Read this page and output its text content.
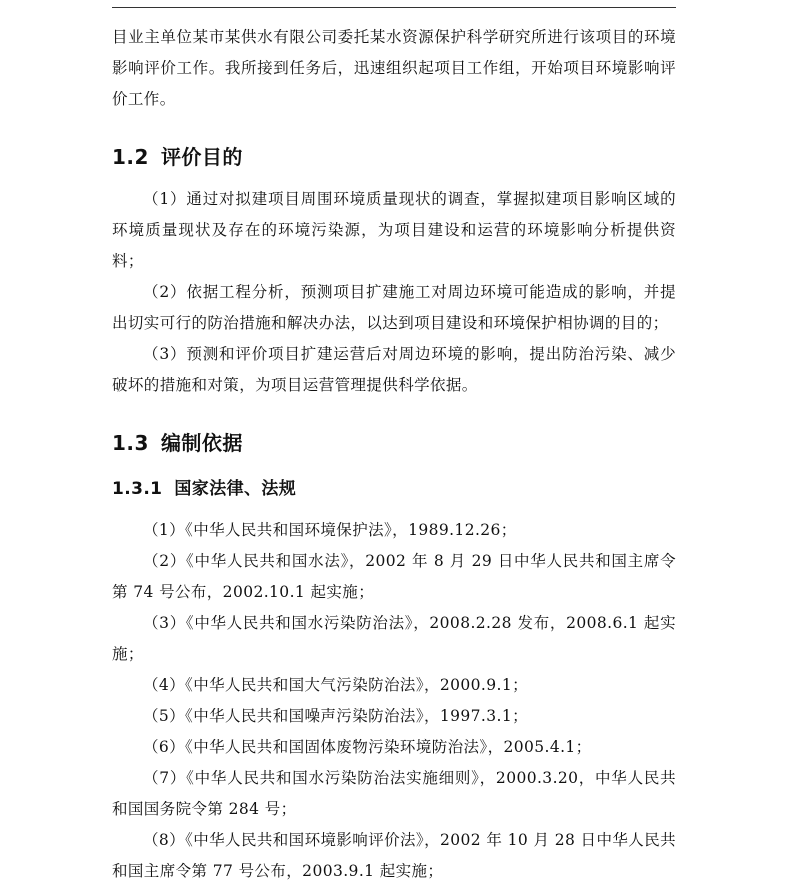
目业主单位某市某供水有限公司委托某水资源保护科学研究所进行该项目的环境影响评价工作。我所接到任务后，迅速组织起项目工作组，开始项目环境影响评价工作。

1.2 评价目的

（1）通过对拟建项目周围环境质量现状的调查，掌握拟建项目影响区域的环境质量现状及存在的环境污染源，为项目建设和运营的环境影响分析提供资料；

（2）依据工程分析，预测项目扩建施工对周边环境可能造成的影响，并提出切实可行的防治措施和解决办法，以达到项目建设和环境保护相协调的目的；

（3）预测和评价项目扩建运营后对周边环境的影响，提出防治污染、减少破坏的措施和对策，为项目运营管理提供科学依据。

1.3 编制依据
1.3.1 国家法律、法规

（1）《中华人民共和国环境保护法》，1989.12.26；

（2）《中华人民共和国水法》，2002 年 8 月 29 日中华人民共和国主席令第 74 号公布，2002.10.1 起实施；

（3）《中华人民共和国水污染防治法》，2008.2.28 发布，2008.6.1 起实施；

（4）《中华人民共和国大气污染防治法》，2000.9.1；

（5）《中华人民共和国噪声污染防治法》，1997.3.1；

（6）《中华人民共和国固体废物污染环境防治法》，2005.4.1；

（7）《中华人民共和国水污染防治法实施细则》，2000.3.20，中华人民共和国国务院令第 284 号；

（8）《中华人民共和国环境影响评价法》，2002 年 10 月 28 日中华人民共和国主席令第 77 号公布，2003.9.1 起实施；
